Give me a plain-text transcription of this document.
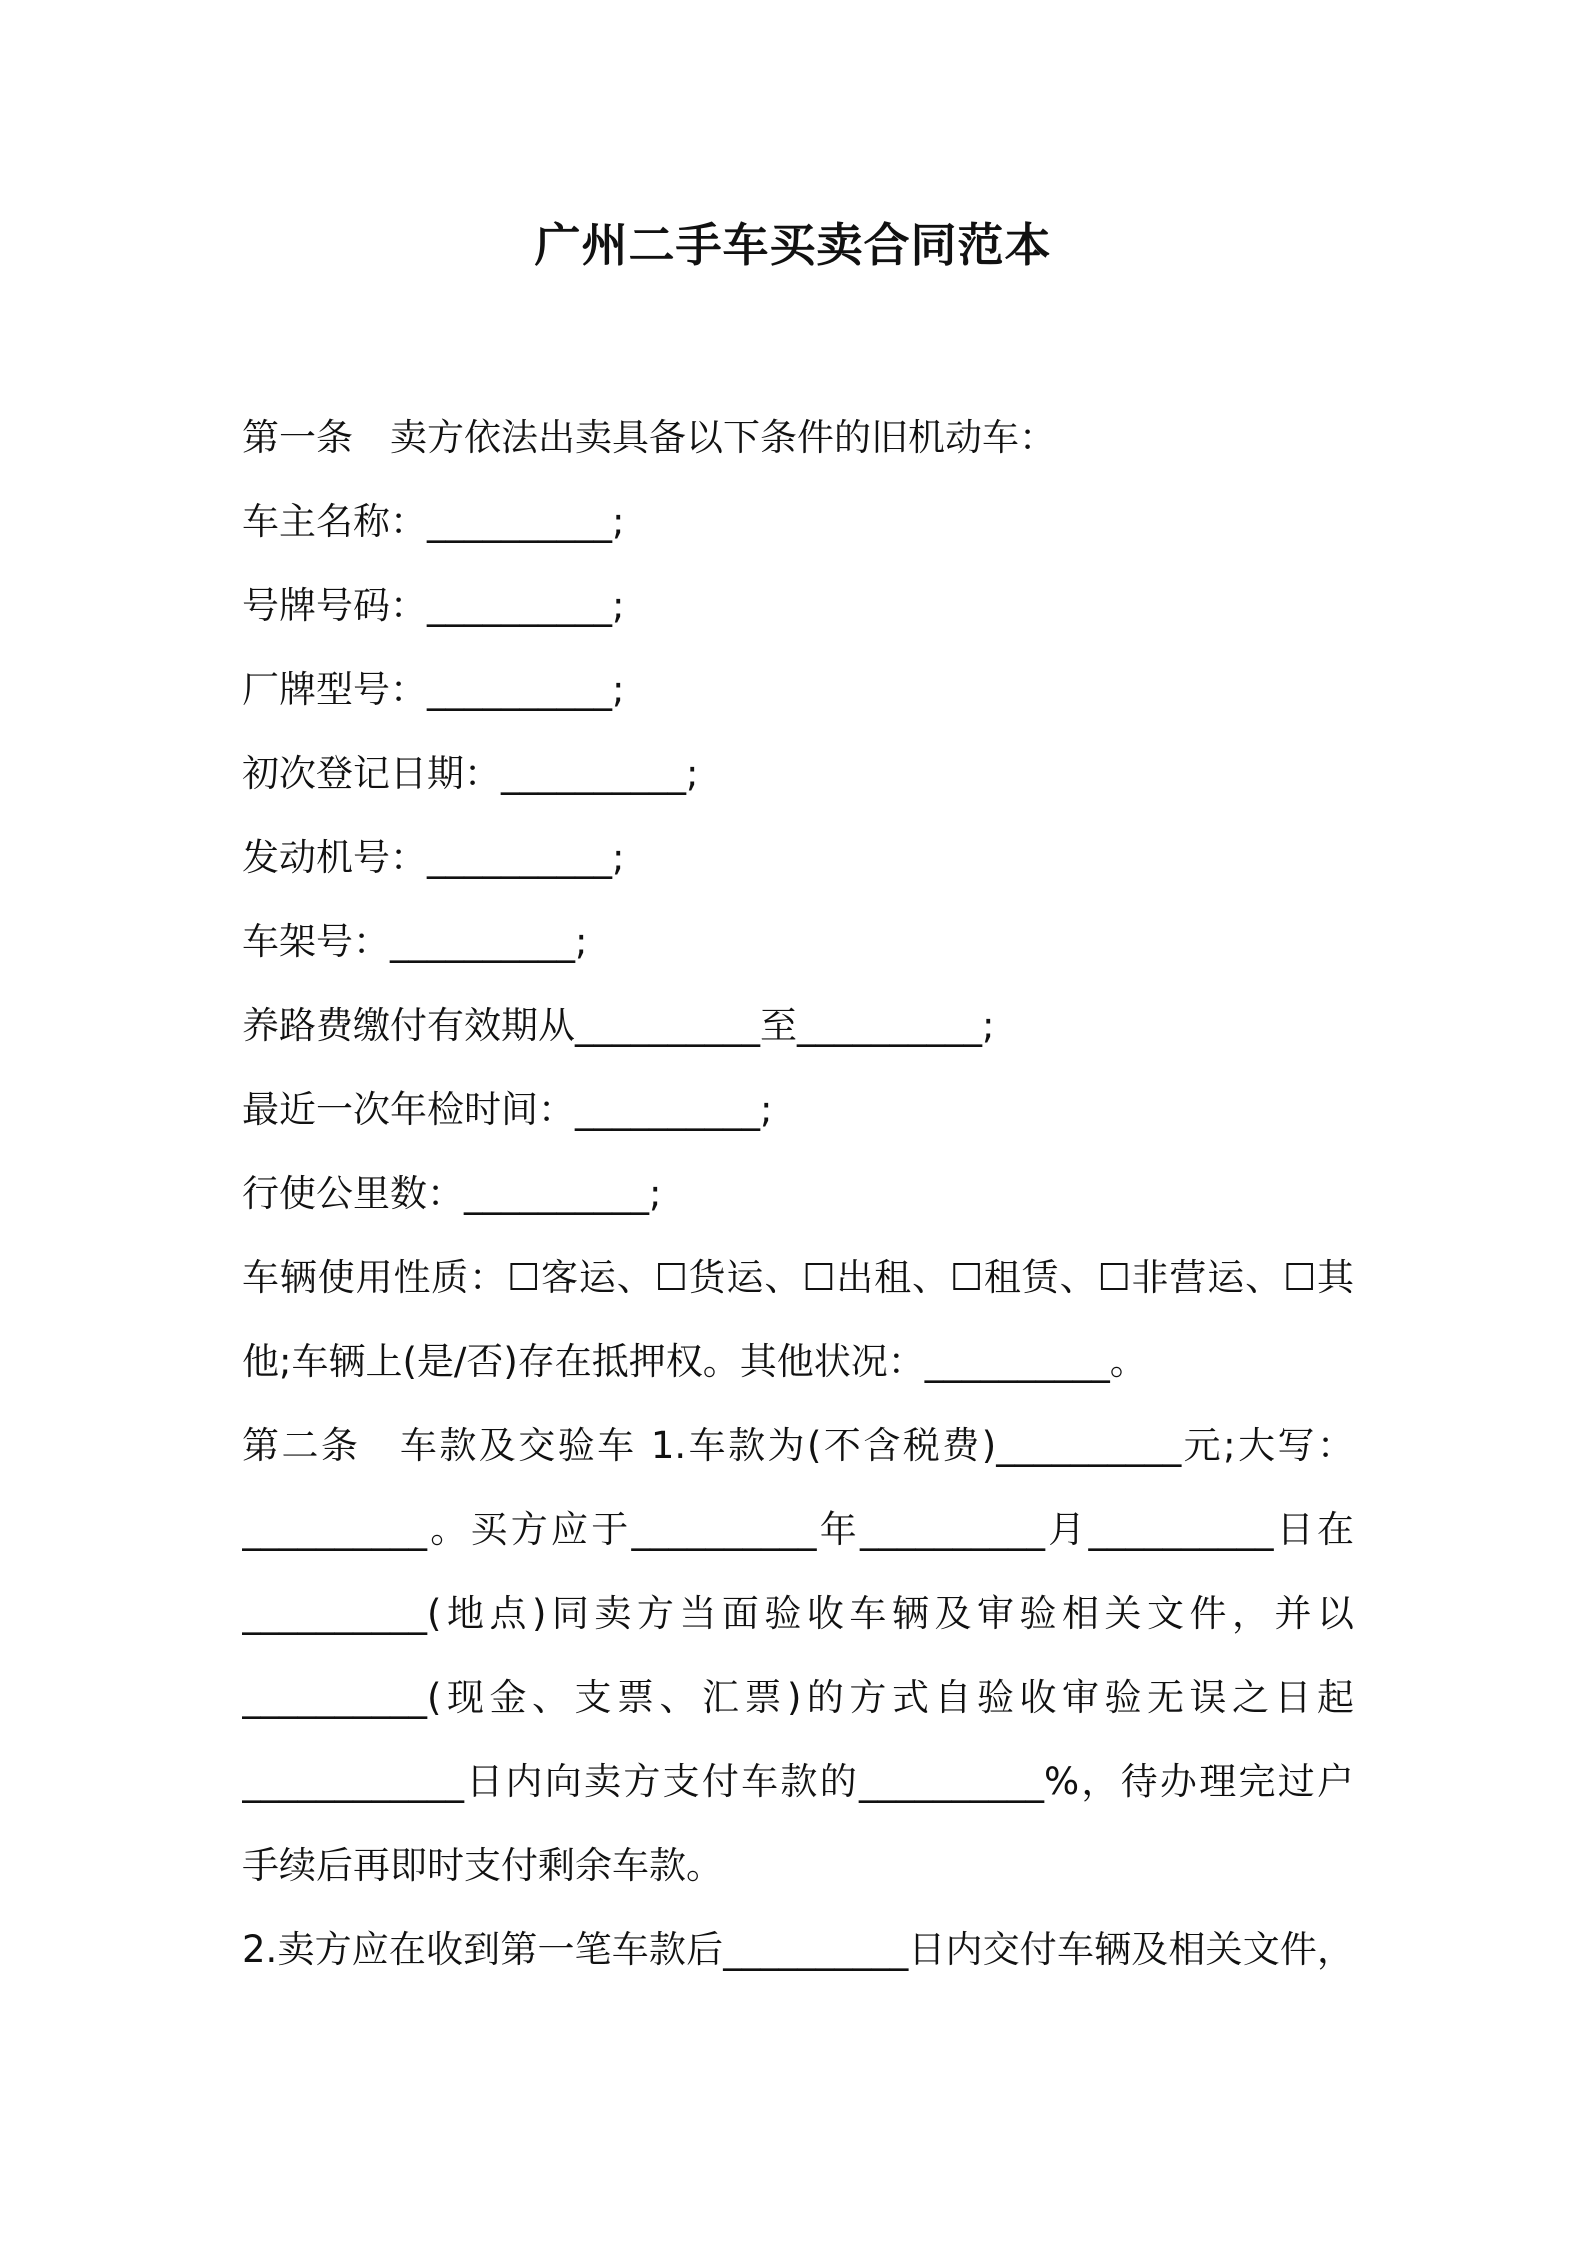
广州二手车买卖合同范本
第一条　卖方依法出卖具备以下条件的旧机动车：
车主名称：__________;
号牌号码：__________;
厂牌型号：__________;
初次登记日期：__________;
发动机号：__________;
车架号：__________;
养路费缴付有效期从__________至__________;
最近一次年检时间：__________;
行使公里数：__________;
车辆使用性质：☐客运、☐货运、☐出租、☐租赁、☐非营运、☐其
他;车辆上(是/否)存在抵押权。其他状况：__________。
第二条　车款及交验车 1.车款为(不含税费)__________元;大写：
__________。买方应于__________年__________月__________日在
__________(地点)同卖方当面验收车辆及审验相关文件，并以
__________(现金、支票、汇票)的方式自验收审验无误之日起
____________日内向卖方支付车款的__________%，待办理完过户
手续后再即时支付剩余车款。
2.卖方应在收到第一笔车款后__________日内交付车辆及相关文件，
